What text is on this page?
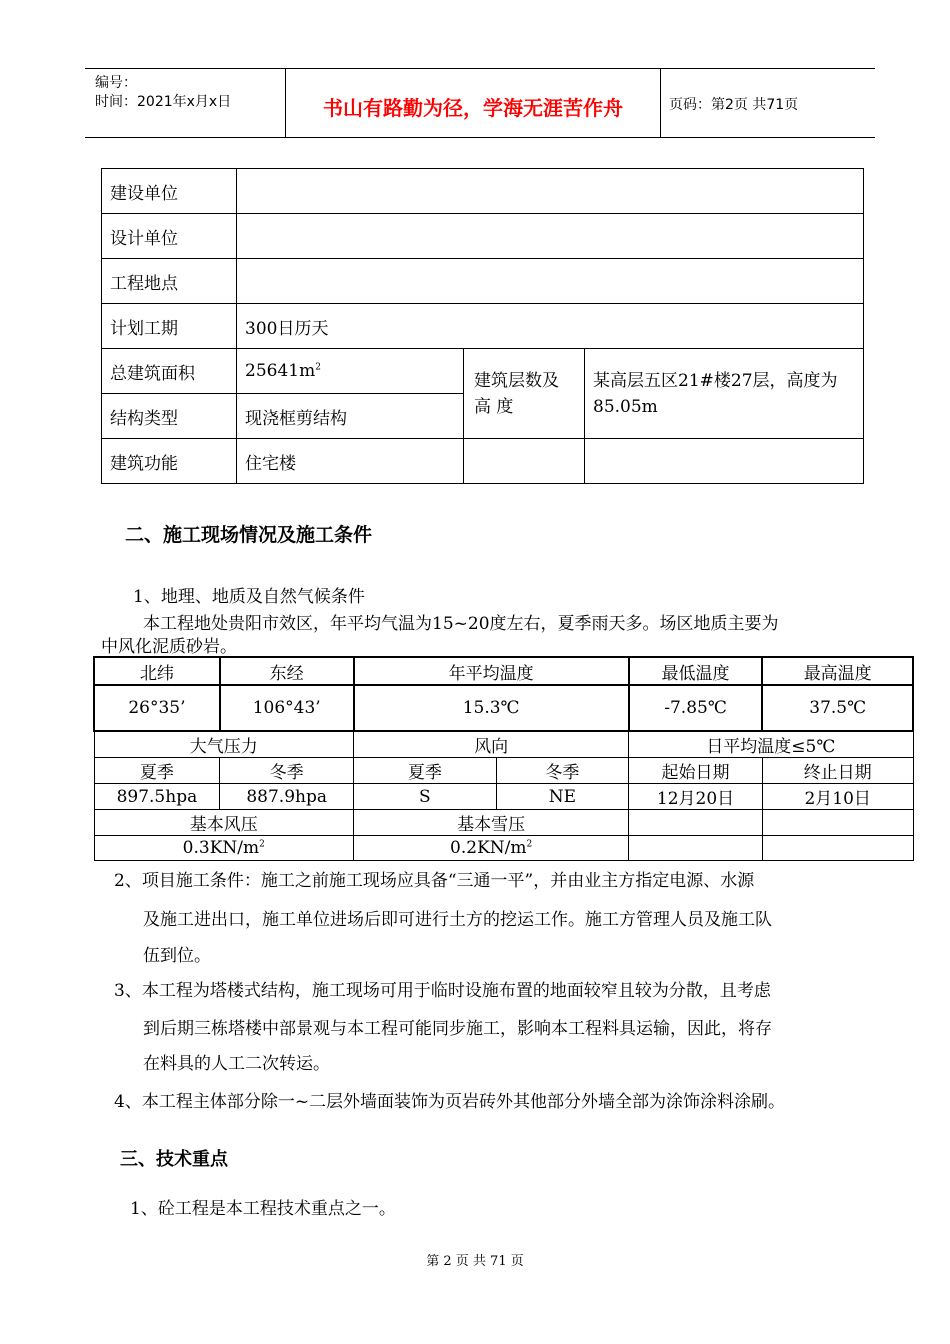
编号：
时间：2021年x月x日	书山有路勤为径，学海无涯苦作舟	页码：第2页 共71页
建设单位			
设计单位			
工程地点			
计划工期	300日历天		
总建筑面积	$25641m^2$	建筑层数及 高 度	某高层五区21#楼27层，高度为85.05m
结构类型	现浇框剪结构		
建筑功能	住宅楼		
二、施工现场情况及施工条件
1、地理、地质及自然气候条件
本工程地处贵阳市效区，年平均气温为15~20度左右，夏季雨天多。场区地质主要为
中风化泥质砂岩。
北纬	东经	年平均温度		最低温度	最高温度
26°35’	106°43’	15.3℃		-7.85℃	37.5℃
大气压力		风向		日平均温度≤5℃	
夏季	冬季	夏季	冬季	起始日期	终止日期
897.5hpa	887.9hpa	S	NE	12月20日	2月10日
基本风压		基本雪压			
$0.3KN/m^2$		$0.2KN/m^2$		
2、项目施工条件：施工之前施工现场应具备“三通一平”，并由业主方指定电源、水源
及施工进出口，施工单位进场后即可进行土方的挖运工作。施工方管理人员及施工队
伍到位。
3、本工程为塔楼式结构，施工现场可用于临时设施布置的地面较窄且较为分散，且考虑
到后期三栋塔楼中部景观与本工程可能同步施工，影响本工程料具运输，因此，将存
在料具的人工二次转运。
4、本工程主体部分除一~二层外墙面装饰为页岩砖外其他部分外墙全部为涂饰涂料涂刷。
三、技术重点
1、砼工程是本工程技术重点之一。
第 2 页 共 71 页
